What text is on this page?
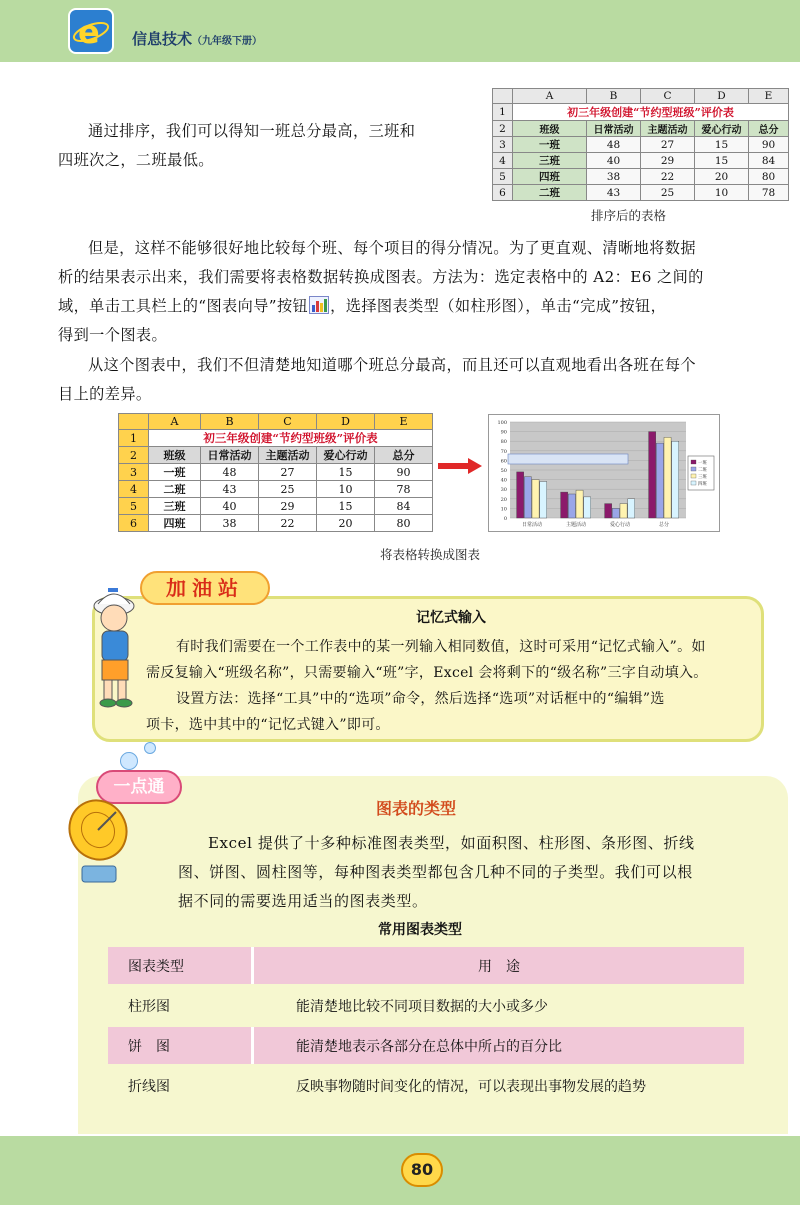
e 信息技术（九年级下册）
通过排序，我们可以得知一班总分最高，三班和
四班次之，二班最低。
	A	B	C	D	E
1	初三年级创建“节约型班级”评价表				
2	班级	日常活动	主题活动	爱心行动	总分
3	一班	48	27	15	90
4	三班	40	29	15	84
5	四班	38	22	20	80
6	二班	43	25	10	78
排序后的表格
但是，这样不能够很好地比较每个班、每个项目的得分情况。为了更直观、清晰地将数据
析的结果表示出来，我们需要将表格数据转换成图表。方法为：选定表格中的 A2：E6 之间的
域，单击工具栏上的“图表向导”按钮 ，选择图表类型（如柱形图），单击“完成”按钮，
得到一个图表。
从这个图表中，我们不但清楚地知道哪个班总分最高，而且还可以直观地看出各班在每个
目上的差异。
	A	B	C	D	E
1	初三年级创建“节约型班级”评价表				
2	班级	日常活动	主题活动	爱心行动	总分
3	一班	48	27	15	90
4	二班	43	25	10	78
5	三班	40	29	15	84
6	四班	38	22	20	80	0
10
20
30
40
50
60
70
80
90
100
日常活动	主题活动	爱心行动	总分
一班
二班
三班
四班
将表格转换成图表
加油站
记忆式输入
有时我们需要在一个工作表中的某一列输入相同数值，这时可采用“记忆式输入”。如
需反复输入“班级名称”，只需要输入“班”字，Excel 会将剩下的“级名称”三字自动填入。
设置方法：选择“工具”中的“选项”命令，然后选择“选项”对话框中的“编辑”选
项卡，选中其中的“记忆式键入”即可。
一点通
图表的类型
Excel 提供了十多种标准图表类型，如面积图、柱形图、条形图、折线
图、饼图、圆柱图等，每种图表类型都包含几种不同的子类型。我们可以根
据不同的需要选用适当的图表类型。
常用图表类型
图表类型	用　途
柱形图	能清楚地比较不同项目数据的大小或多少
饼　图	能清楚地表示各部分在总体中所占的百分比
折线图	反映事物随时间变化的情况，可以表现出事物发展的趋势
80
